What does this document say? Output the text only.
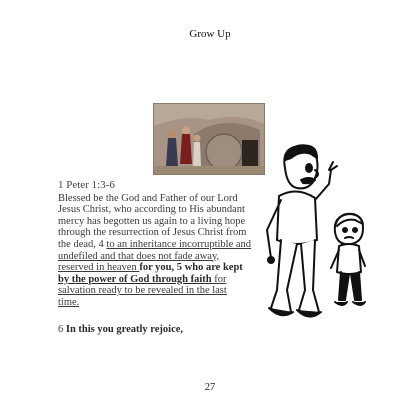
Grow Up
1 Peter 1:3-6
Blessed be the God and Father of our Lord
Jesus Christ, who according to His abundant
mercy has begotten us again to a living hope
through the resurrection of Jesus Christ from
the dead, 4 to an inheritance incorruptible and
undefiled and that does not fade away,
reserved in heaven for you, 5 who are kept
by the power of God through faith for
salvation ready to be revealed in the last
time.
6 In this you greatly rejoice,
27
